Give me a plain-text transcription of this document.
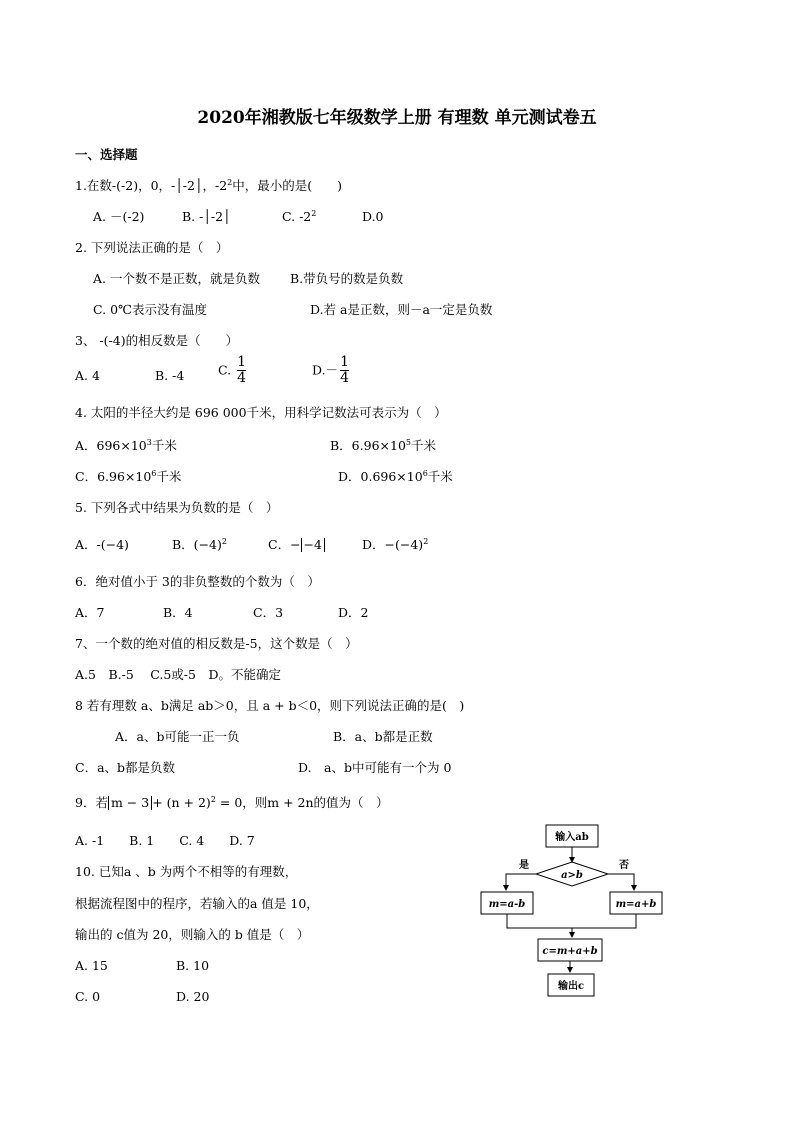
2020年湘教版七年级数学上册 有理数 单元测试卷五
一、选择题
1.在数-(-2)，0，-│-2│，$-2^2$中，最小的是(　　)
A. －(-2)	B. -│-2│	C. $-2^2$	D.0
2. 下列说法正确的是（　）
A. 一个数不是正数，就是负数 B.带负号的数是负数
C. 0℃表示没有温度	D.若 a是正数，则－a一定是负数
3、 -(-4)的相反数是（　　）
A. 4	B. -4	C. $\frac{1}{4}$	$D.- \frac{1}{4}$
4. 太阳的半径大约是 696 000千米，用科学记数法可表示为（　）
A．$696\times 10^3$千米	B．$6.96\times 10^5$千米
C．$6.96\times 10^6$千米	D．$0.696\times 10^6$千米
5. 下列各式中结果为负数的是（　）
A．-(−4)	B．$(-4)^2$	C．− −4	D．$-(-4)^2$
6．绝对值小于 3的非负整数的个数为（　）
A．7	B．4	C．3	D．2
7、一个数的绝对值的相反数是-5，这个数是（　）
A.5　B.-5　 C.5或-5　D。不能确定
8 若有理数 a、b满足 ab＞0，且 a + b＜0，则下列说法正确的是(　)
A．a、b可能一正一负	B．a、b都是正数
C．a、b都是负数	D.　a、b中可能有一个为 0
9．若 $m - 3 + (n + 2)^2 = 0$，则m + 2n的值为（　）
A. -1　　B. 1　　C. 4　　D. 7
10. 已知a 、b 为两个不相等的有理数，
根据流程图中的程序，若输入的a 值是 10，
输出的 c值为 20，则输入的 b 值是（　）
A. 15	B. 10
C. 0	D. 20
输入ab
a>b
是	否
m=a-b	m=a+b
c=m+a+b
输出c
